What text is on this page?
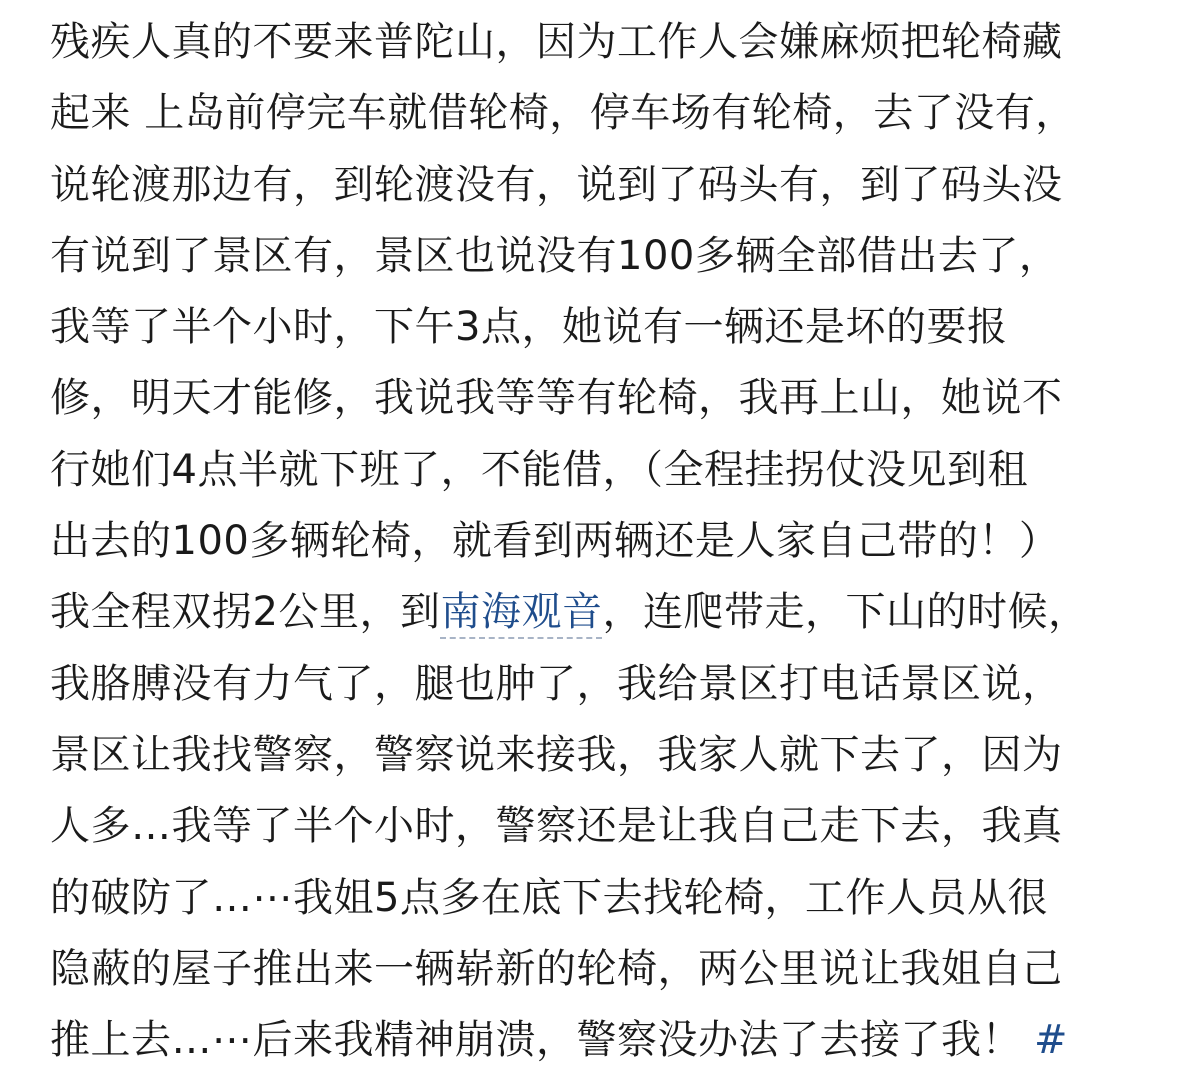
残疾人真的不要来普陀山，因为工作人会嫌麻烦把轮椅藏
起来 上岛前停完车就借轮椅，停车场有轮椅，去了没有，
说轮渡那边有，到轮渡没有，说到了码头有，到了码头没
有说到了景区有，景区也说没有100多辆全部借出去了，
我等了半个小时，下午3点，她说有一辆还是坏的要报
修，明天才能修，我说我等等有轮椅，我再上山，她说不
行她们4点半就下班了，不能借，（全程挂拐仗没见到租
出去的100多辆轮椅，就看到两辆还是人家自己带的！）
我全程双拐2公里，到南海观音，连爬带走，下山的时候，
我胳膊没有力气了，腿也肿了，我给景区打电话景区说，
景区让我找警察，警察说来接我，我家人就下去了，因为
人多…我等了半个小时，警察还是让我自己走下去，我真
的破防了…⋯我姐5点多在底下去找轮椅，工作人员从很
隐蔽的屋子推出来一辆崭新的轮椅，两公里说让我姐自己
推上去…⋯后来我精神崩溃，警察没办法了去接了我！ #
